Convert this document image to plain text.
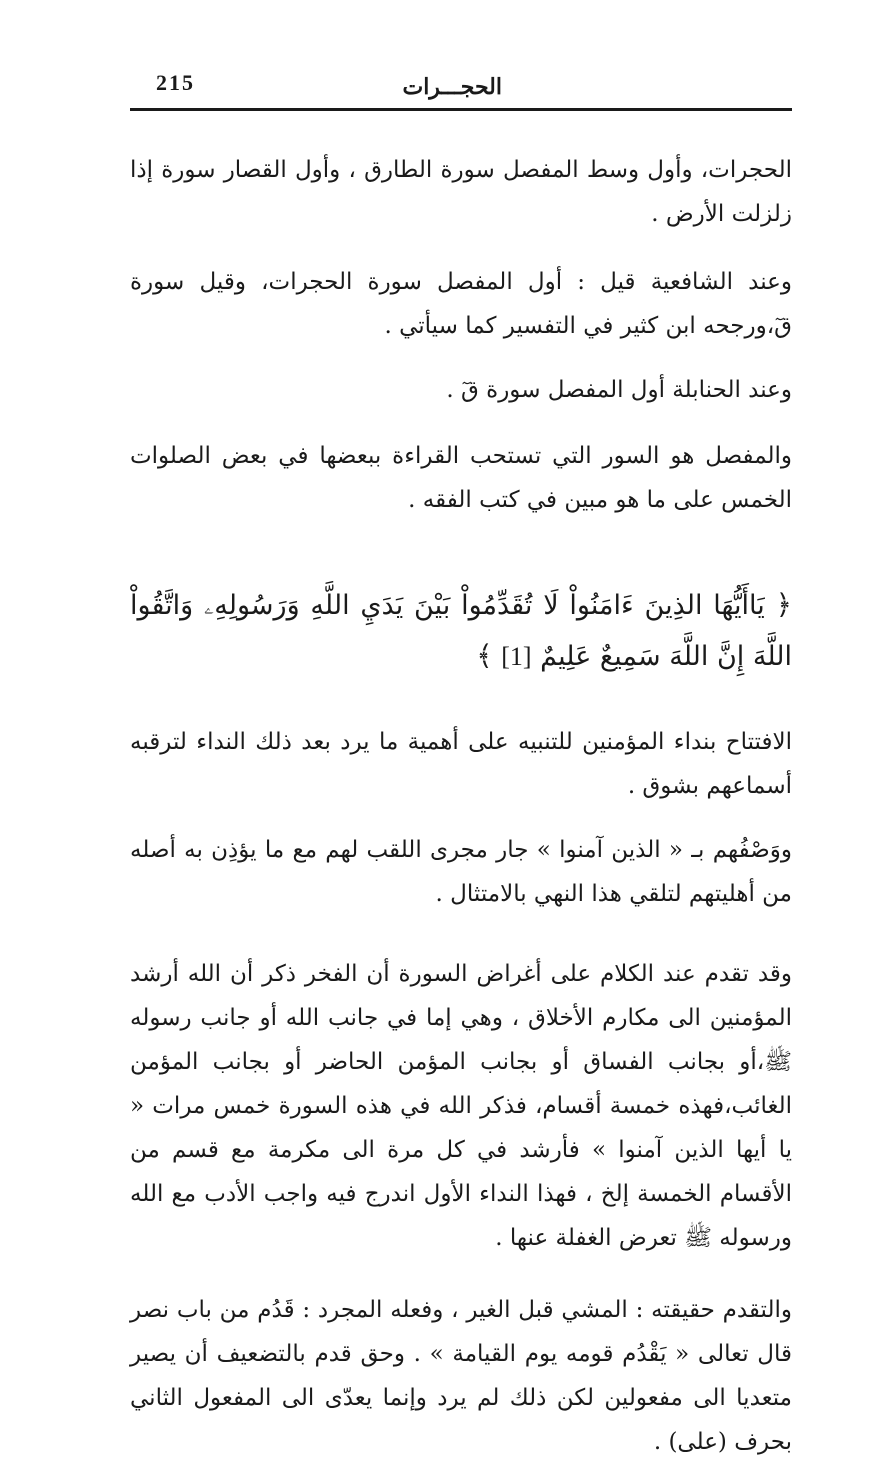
215	الحجـــرات

الحجرات، وأول وسط المفصل سورة الطارق ، وأول القصار سورة إذا زلزلت الأرض .

وعند الشافعية قيل : أول المفصل سورة الحجرات، وقيل سورة قٓ،ورجحه ابن كثير في التفسير كما سيأتي .

وعند الحنابلة أول المفصل سورة قٓ .

والمفصل هو السور التي تستحب القراءة ببعضها في بعض الصلوات الخمس على ما هو مبين في كتب الفقه .

﴿ يَاأَيُّهَا الذِينَ ءَامَنُواْ لَا تُقَدِّمُواْ بَيْنَ يَدَيِ اللَّهِ وَرَسُولِهِۦ وَاتَّقُواْ اللَّهَ إِنَّ اللَّهَ سَمِيعٌ عَلِيمٌ [1] ﴾

الافتتاح بنداء المؤمنين للتنبيه على أهمية ما يرد بعد ذلك النداء لترقبه أسماعهم بشوق .

ووَصْفُهم بـ « الذين آمنوا » جار مجرى اللقب لهم مع ما يؤذِن به أصله من أهليتهم لتلقي هذا النهي بالامتثال .

وقد تقدم عند الكلام على أغراض السورة أن الفخر ذكر أن الله أرشد المؤمنين الى مكارم الأخلاق ، وهي إما في جانب الله أو جانب رسوله ﷺ،أو بجانب الفساق أو بجانب المؤمن الحاضر أو بجانب المؤمن الغائب،فهذه خمسة أقسام، فذكر الله في هذه السورة خمس مرات « يا أيها الذين آمنوا » فأرشد في كل مرة الى مكرمة مع قسم من الأقسام الخمسة إلخ ، فهذا النداء الأول اندرج فيه واجب الأدب مع الله ورسوله ﷺ تعرض الغفلة عنها .

والتقدم حقيقته : المشي قبل الغير ، وفعله المجرد : قَدُم من باب نصر قال تعالى « يَقْدُم قومه يوم القيامة » . وحق قدم بالتضعيف أن يصير متعديا الى مفعولين لكن ذلك لم يرد وإنما يعدّى الى المفعول الثاني بحرف (على) .
